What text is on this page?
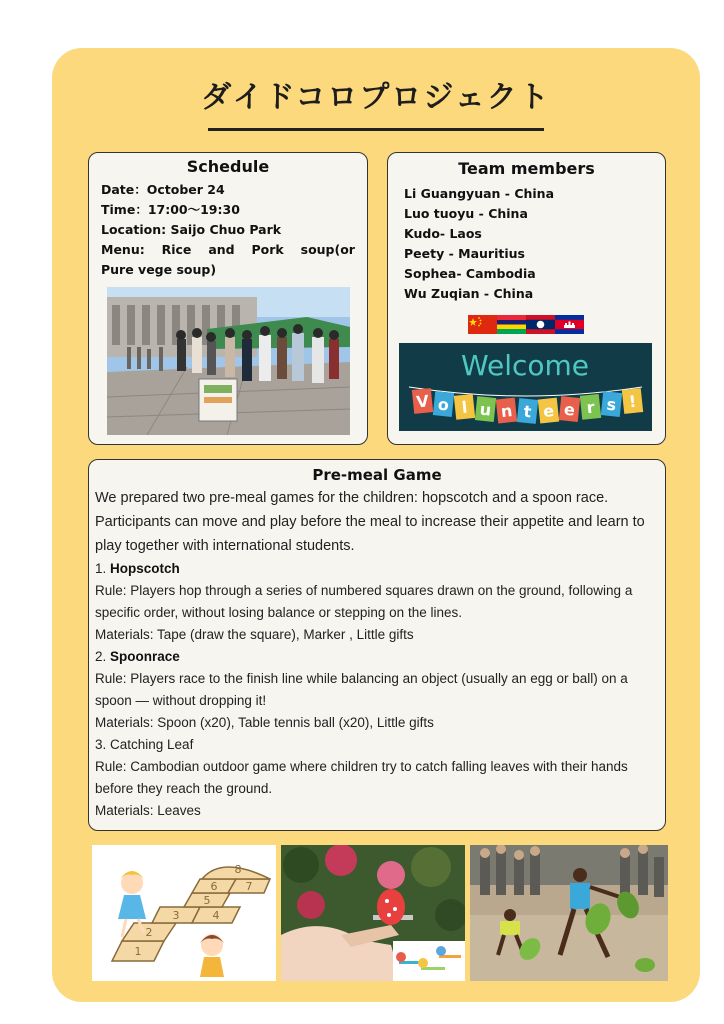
ダイドコロプロジェクト
Schedule
Date：October 24
Time：17:00～19:30
Location: Saijo Chuo Park
Menu: Rice and Pork soup(or
Pure vege soup)
Team members
Li Guangyuan - China
Luo tuoyu - China
Kudo- Laos
Peety - Mauritius
Sophea- Cambodia
Wu Zuqian - China
Welcome
V o l u n t e e r s !
Pre-meal Game
We prepared two pre-meal games for the children: hopscotch and a spoon race. Participants can move and play before the meal to increase their appetite and learn to play together with international students.
1. Hopscotch
Rule: Players hop through a series of numbered squares drawn on the ground, following a specific order, without losing balance or stepping on the lines.
Materials: Tape (draw the square), Marker , Little gifts
2. Spoonrace
Rule: Players race to the finish line while balancing an object (usually an egg or ball) on a spoon — without dropping it!
Materials: Spoon (x20), Table tennis ball (x20), Little gifts
3. Catching Leaf
Rule: Cambodian outdoor game where children try to catch falling leaves with their hands before they reach the ground.
Materials: Leaves
1
2
3	4
5
6	7
8
